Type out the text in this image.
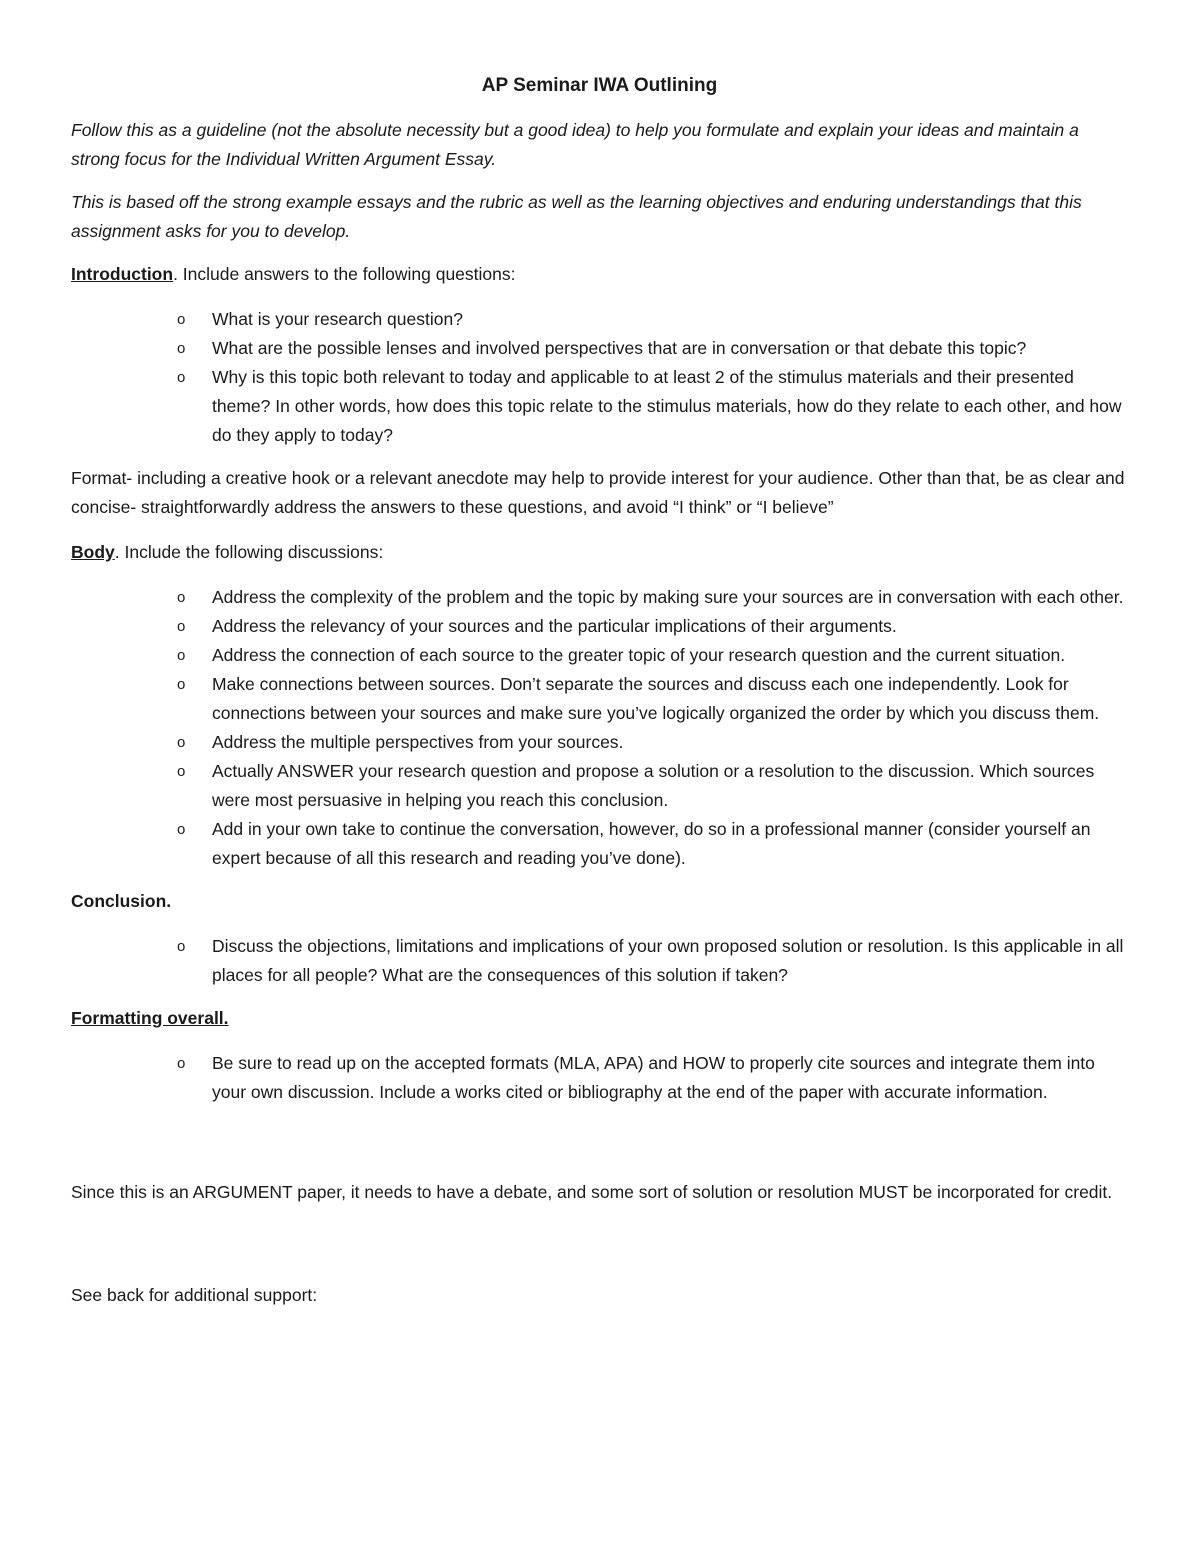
AP Seminar IWA Outlining

Follow this as a guideline (not the absolute necessity but a good idea) to help you formulate and explain your ideas and maintain a strong focus for the Individual Written Argument Essay.

This is based off the strong example essays and the rubric as well as the learning objectives and enduring understandings that this assignment asks for you to develop.

Introduction. Include answers to the following questions:

o What is your research question?
o What are the possible lenses and involved perspectives that are in conversation or that debate this topic?
o Why is this topic both relevant to today and applicable to at least 2 of the stimulus materials and their presented theme? In other words, how does this topic relate to the stimulus materials, how do they relate to each other, and how do they apply to today?

Format- including a creative hook or a relevant anecdote may help to provide interest for your audience. Other than that, be as clear and concise- straightforwardly address the answers to these questions, and avoid “I think” or “I believe”

Body. Include the following discussions:

o Address the complexity of the problem and the topic by making sure your sources are in conversation with each other.
o Address the relevancy of your sources and the particular implications of their arguments.
o Address the connection of each source to the greater topic of your research question and the current situation.
o Make connections between sources. Don’t separate the sources and discuss each one independently. Look for connections between your sources and make sure you’ve logically organized the order by which you discuss them.
o Address the multiple perspectives from your sources.
o Actually ANSWER your research question and propose a solution or a resolution to the discussion. Which sources were most persuasive in helping you reach this conclusion.
o Add in your own take to continue the conversation, however, do so in a professional manner (consider yourself an expert because of all this research and reading you’ve done).

Conclusion.

o Discuss the objections, limitations and implications of your own proposed solution or resolution. Is this applicable in all places for all people? What are the consequences of this solution if taken?

Formatting overall.

o Be sure to read up on the accepted formats (MLA, APA) and HOW to properly cite sources and integrate them into your own discussion. Include a works cited or bibliography at the end of the paper with accurate information.

Since this is an ARGUMENT paper, it needs to have a debate, and some sort of solution or resolution MUST be incorporated for credit.

See back for additional support:
